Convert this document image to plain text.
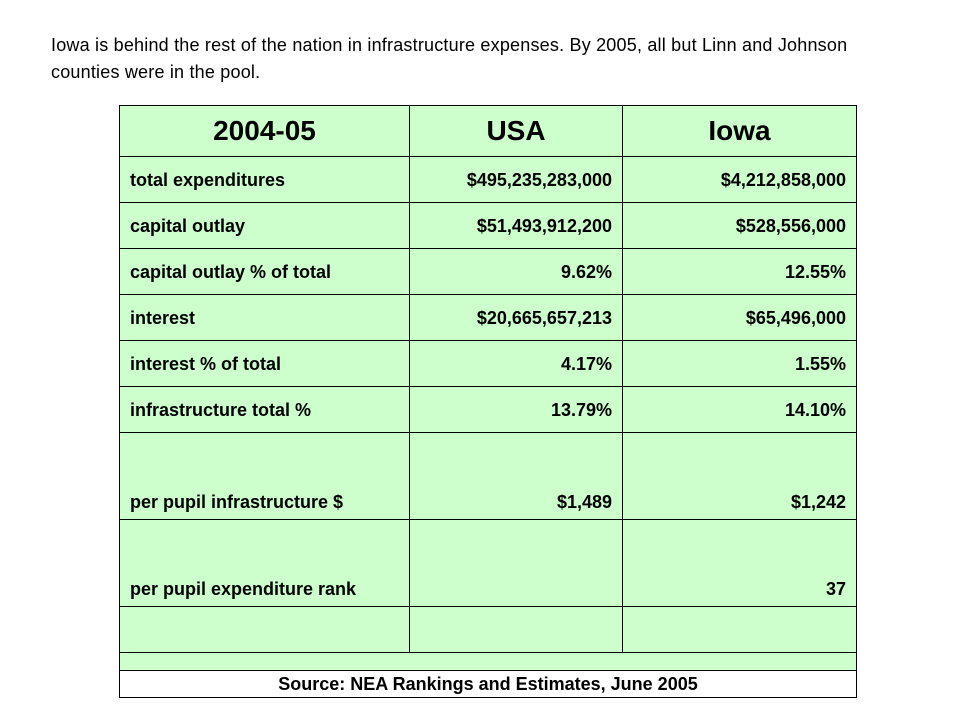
Iowa is behind the rest of the nation in infrastructure expenses. By 2005, all but Linn and Johnson counties were in the pool.
2004-05	USA	Iowa
total expenditures	$495,235,283,000	$4,212,858,000
capital outlay	$51,493,912,200	$528,556,000
capital outlay % of total	9.62%	12.55%
interest	$20,665,657,213	$65,496,000
interest % of total	4.17%	1.55%
infrastructure total %	13.79%	14.10%
per pupil infrastructure $	$1,489	$1,242
per pupil expenditure rank		37

Source: NEA Rankings and Estimates, June 2005		
